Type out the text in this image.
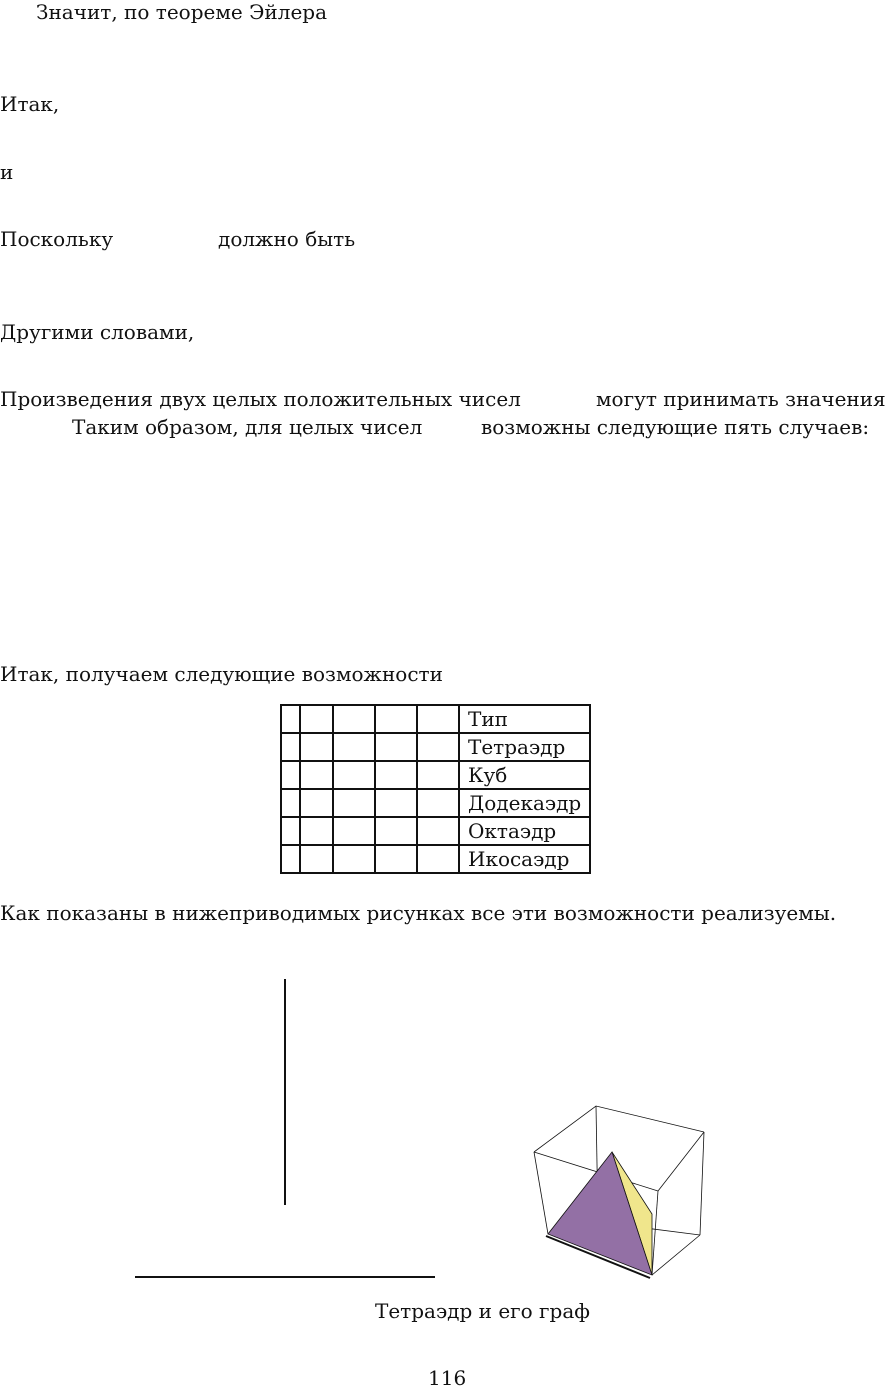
Значит, по теореме Эйлера
Итак,
и
Поскольку	должно быть
Другими словами,
Произведения двух целых положительных чисел	могут принимать значения
Таким образом, для целых чисел	возможны следующие пять случаев:
Итак, получаем следующие возможности
					Тип
					Тетраэдр
					Куб
					Додекаэдр
					Октаэдр
					Икосаэдр
Как показаны в нижеприводимых рисунках все эти возможности реализуемы.
Тетраэдр и его граф
116
